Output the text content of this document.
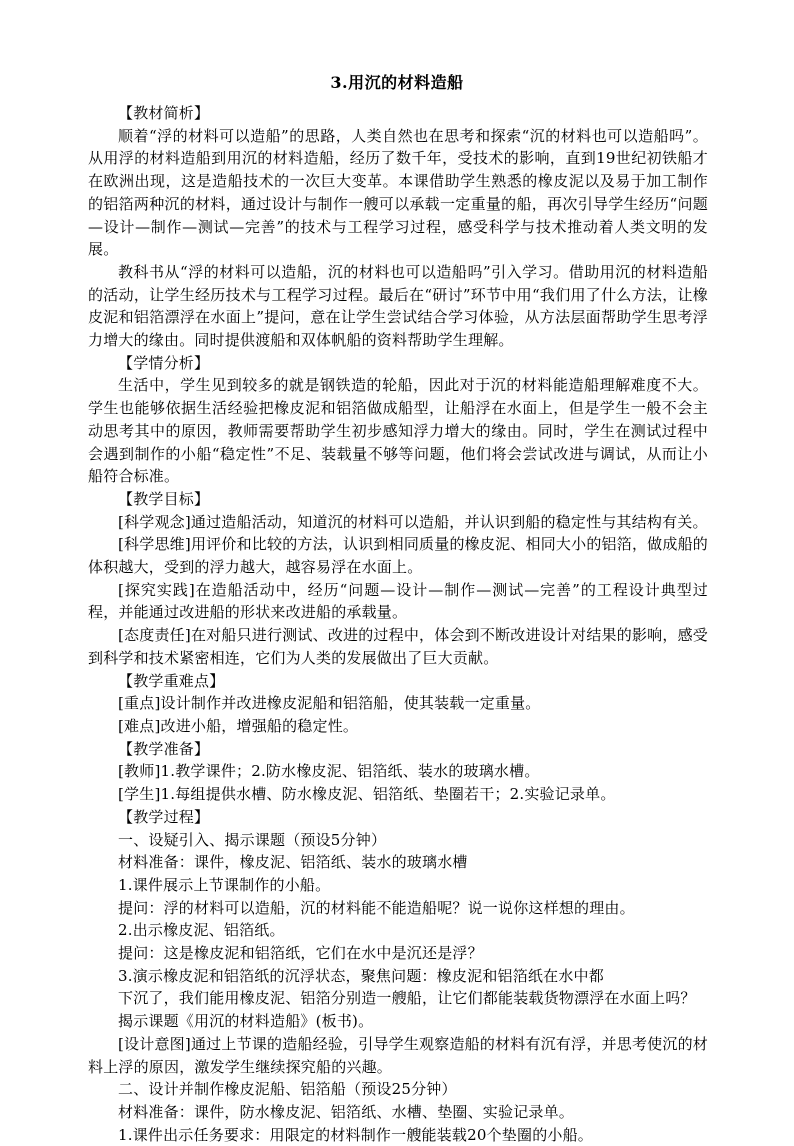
3.用沉的材料造船

【教材简析】

顺着“浮的材料可以造船”的思路，人类自然也在思考和探索“沉的材料也可以造船吗”。从用浮的材料造船到用沉的材料造船，经历了数千年，受技术的影响，直到19世纪初铁船才在欧洲出现，这是造船技术的一次巨大变革。本课借助学生熟悉的橡皮泥以及易于加工制作的铝箔两种沉的材料，通过设计与制作一艘可以承载一定重量的船，再次引导学生经历“问题—设计—制作—测试—完善”的技术与工程学习过程，感受科学与技术推动着人类文明的发展。

教科书从“浮的材料可以造船，沉的材料也可以造船吗”引入学习。借助用沉的材料造船的活动，让学生经历技术与工程学习过程。最后在“研讨”环节中用“我们用了什么方法，让橡皮泥和铝箔漂浮在水面上”提问，意在让学生尝试结合学习体验，从方法层面帮助学生思考浮力增大的缘由。同时提供渡船和双体帆船的资料帮助学生理解。

【学情分析】

生活中，学生见到较多的就是钢铁造的轮船，因此对于沉的材料能造船理解难度不大。学生也能够依据生活经验把橡皮泥和铝箔做成船型，让船浮在水面上，但是学生一般不会主动思考其中的原因，教师需要帮助学生初步感知浮力增大的缘由。同时，学生在测试过程中会遇到制作的小船“稳定性”不足、装载量不够等问题，他们将会尝试改进与调试，从而让小船符合标准。

【教学目标】

[科学观念]通过造船活动，知道沉的材料可以造船，并认识到船的稳定性与其结构有关。

[科学思维]用评价和比较的方法，认识到相同质量的橡皮泥、相同大小的铝箔，做成船的体积越大，受到的浮力越大，越容易浮在水面上。

[探究实践]在造船活动中，经历“问题—设计—制作—测试—完善”的工程设计典型过程，并能通过改进船的形状来改进船的承载量。

[态度责任]在对船只进行测试、改进的过程中，体会到不断改进设计对结果的影响，感受到科学和技术紧密相连，它们为人类的发展做出了巨大贡献。

【教学重难点】

[重点]设计制作并改进橡皮泥船和铝箔船，使其装载一定重量。

[难点]改进小船，增强船的稳定性。

【教学准备】

[教师]1.教学课件；2.防水橡皮泥、铝箔纸、装水的玻璃水槽。

[学生]1.每组提供水槽、防水橡皮泥、铝箔纸、垫圈若干；2.实验记录单。

【教学过程】

一、设疑引入、揭示课题（预设5分钟）

材料准备：课件，橡皮泥、铝箔纸、装水的玻璃水槽

1.课件展示上节课制作的小船。

提问：浮的材料可以造船，沉的材料能不能造船呢？说一说你这样想的理由。

2.出示橡皮泥、铝箔纸。

提问：这是橡皮泥和铝箔纸，它们在水中是沉还是浮？

3.演示橡皮泥和铝箔纸的沉浮状态，聚焦问题：橡皮泥和铝箔纸在水中都

下沉了，我们能用橡皮泥、铝箔分别造一艘船，让它们都能装载货物漂浮在水面上吗？

揭示课题《用沉的材料造船》(板书)。

[设计意图]通过上节课的造船经验，引导学生观察造船的材料有沉有浮，并思考使沉的材料上浮的原因，激发学生继续探究船的兴趣。

二、设计并制作橡皮泥船、铝箔船（预设25分钟）

材料准备：课件，防水橡皮泥、铝箔纸、水槽、垫圈、实验记录单。

1.课件出示任务要求：用限定的材料制作一艘能装载20个垫圈的小船。
